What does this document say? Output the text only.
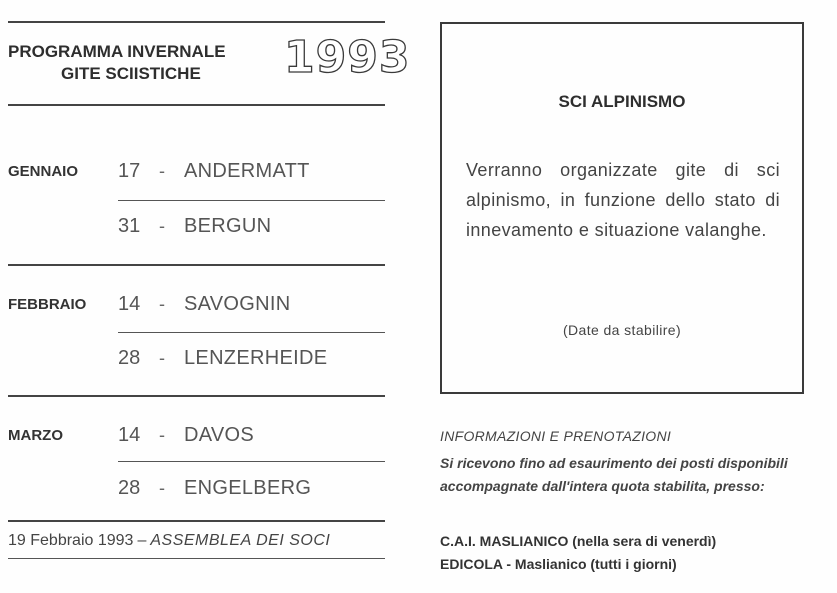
PROGRAMMA INVERNALE
GITE SCIISTICHE	1993
GENNAIO 17	- ANDERMATT
31	- BERGUN
FEBBRAIO 14	- SAVOGNIN
28	- LENZERHEIDE
MARZO	14	- DAVOS
28	- ENGELBERG
19 Febbraio 1993 – ASSEMBLEA DEI SOCI
SCI ALPINISMO
Verranno organizzate gite di sci alpinismo, in funzione dello stato di innevamento e situazione valanghe.
(Date da stabilire)
INFORMAZIONI E PRENOTAZIONI
Si ricevono fino ad esaurimento dei posti disponibili accompagnate dall'intera quota stabilita, presso:
C.A.I. MASLIANICO (nella sera di venerdì)
EDICOLA - Maslianico (tutti i giorni)
